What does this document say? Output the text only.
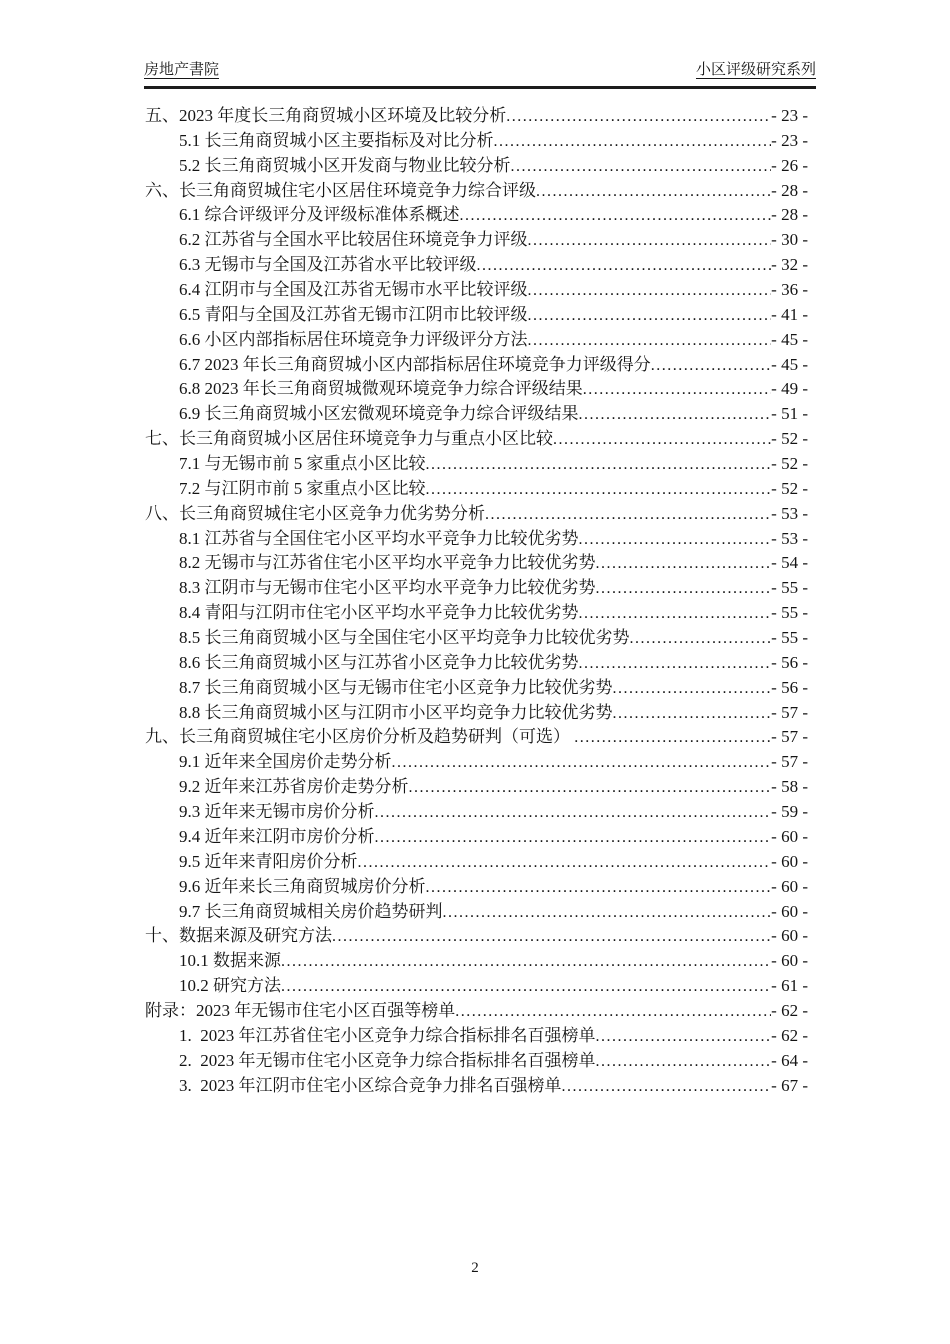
房地产書院	小区评级研究系列
五、2023 年度长三角商贸城小区环境及比较分析 .....	- 23 -
5.1 长三角商贸城小区主要指标及对比分析 .....	- 23 -
5.2 长三角商贸城小区开发商与物业比较分析 .....	- 26 -
六、长三角商贸城住宅小区居住环境竞争力综合评级 .....	- 28 -
6.1 综合评级评分及评级标准体系概述 .....	- 28 -
6.2 江苏省与全国水平比较居住环境竞争力评级 .....	- 30 -
6.3 无锡市与全国及江苏省水平比较评级 .....	- 32 -
6.4 江阴市与全国及江苏省无锡市水平比较评级 .....	- 36 -
6.5 青阳与全国及江苏省无锡市江阴市比较评级 .....	- 41 -
6.6 小区内部指标居住环境竞争力评级评分方法 .....	- 45 -
6.7 2023 年长三角商贸城小区内部指标居住环境竞争力评级得分 .....	- 45 -
6.8 2023 年长三角商贸城微观环境竞争力综合评级结果 .....	- 49 -
6.9 长三角商贸城小区宏微观环境竞争力综合评级结果 .....	- 51 -
七、长三角商贸城小区居住环境竞争力与重点小区比较 .....	- 52 -
7.1 与无锡市前 5 家重点小区比较 .....	- 52 -
7.2 与江阴市前 5 家重点小区比较 .....	- 52 -
八、长三角商贸城住宅小区竞争力优劣势分析 .....	- 53 -
8.1 江苏省与全国住宅小区平均水平竞争力比较优劣势 .....	- 53 -
8.2 无锡市与江苏省住宅小区平均水平竞争力比较优劣势 .....	- 54 -
8.3 江阴市与无锡市住宅小区平均水平竞争力比较优劣势 .....	- 55 -
8.4 青阳与江阴市住宅小区平均水平竞争力比较优劣势 .....	- 55 -
8.5 长三角商贸城小区与全国住宅小区平均竞争力比较优劣势 .....	- 55 -
8.6 长三角商贸城小区与江苏省小区竞争力比较优劣势 .....	- 56 -
8.7 长三角商贸城小区与无锡市住宅小区竞争力比较优劣势 .....	- 56 -
8.8 长三角商贸城小区与江阴市小区平均竞争力比较优劣势 .....	- 57 -
九、长三角商贸城住宅小区房价分析及趋势研判（可选） .....	- 57 -
9.1 近年来全国房价走势分析 .....	- 57 -
9.2 近年来江苏省房价走势分析 .....	- 58 -
9.3 近年来无锡市房价分析 .....	- 59 -
9.4 近年来江阴市房价分析 .....	- 60 -
9.5 近年来青阳房价分析 .....	- 60 -
9.6 近年来长三角商贸城房价分析 .....	- 60 -
9.7 长三角商贸城相关房价趋势研判 .....	- 60 -
十、数据来源及研究方法 .....	- 60 -
10.1 数据来源 .....	- 60 -
10.2 研究方法 .....	- 61 -
附录：2023 年无锡市住宅小区百强等榜单 .....	- 62 -
1.  2023 年江苏省住宅小区竞争力综合指标排名百强榜单 .....	- 62 -
2.  2023 年无锡市住宅小区竞争力综合指标排名百强榜单 .....	- 64 -
3.  2023 年江阴市住宅小区综合竞争力排名百强榜单 .....	- 67 -
2
